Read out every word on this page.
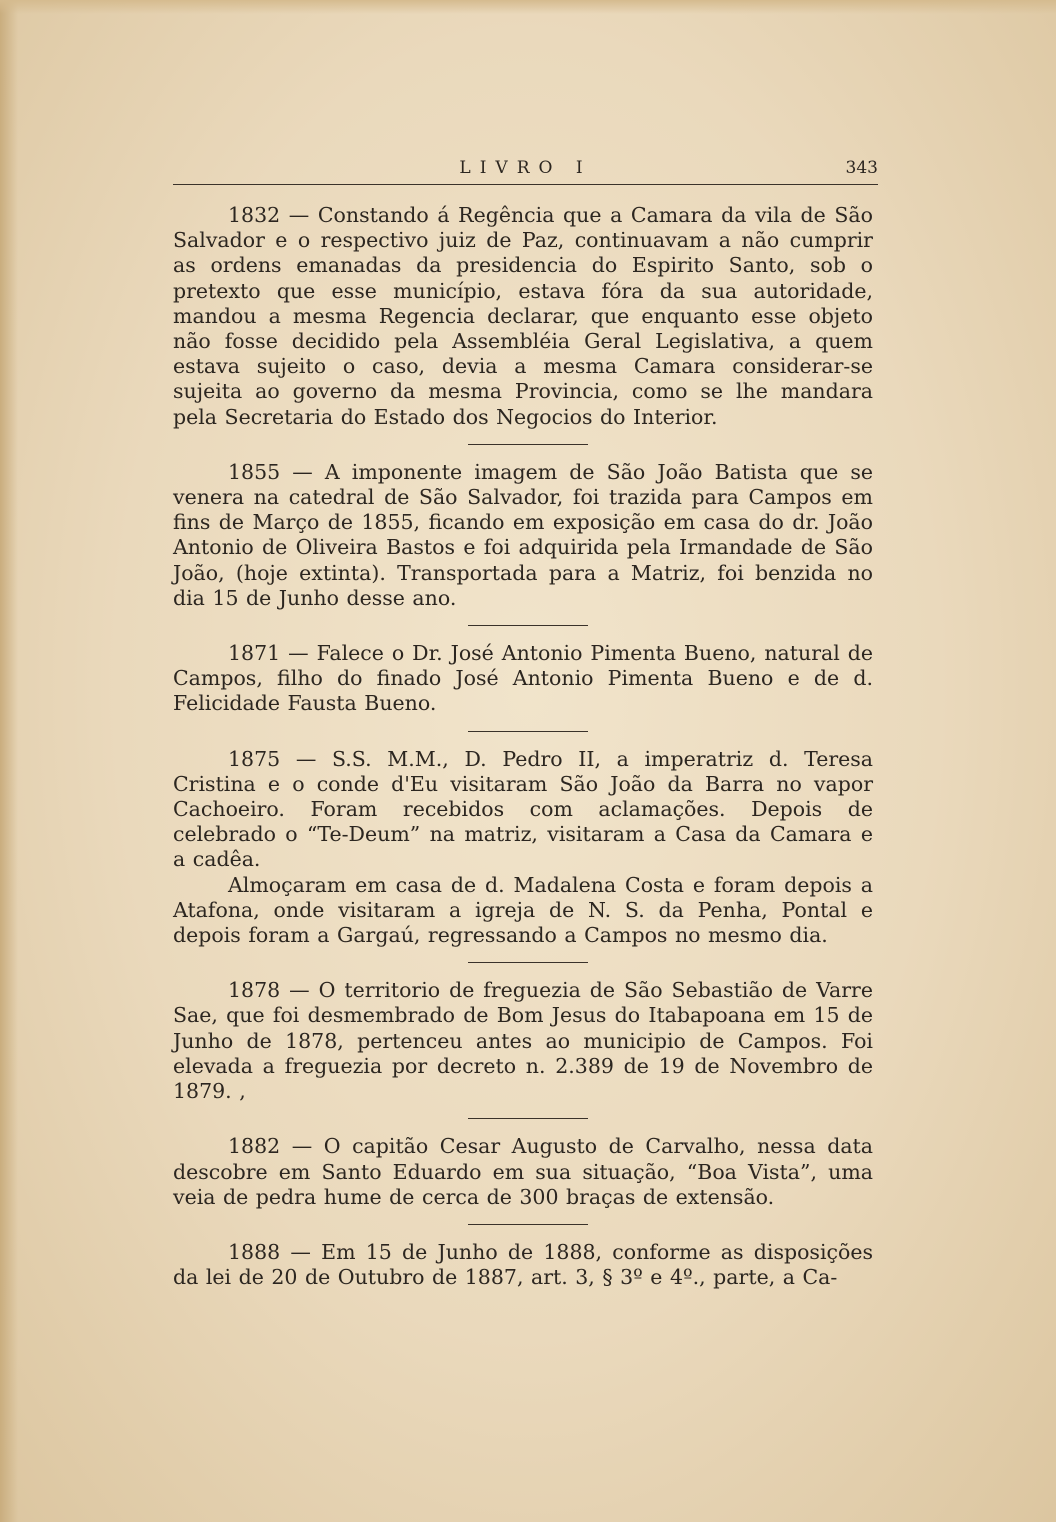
LIVRO I	343

1832 — Constando á Regência que a Camara da vila de São Salvador e o respectivo juiz de Paz, continuavam a não cumprir as ordens emanadas da presidencia do Espirito Santo, sob o pretexto que esse município, estava fóra da sua autoridade, mandou a mesma Regencia declarar, que enquanto esse objeto não fosse decidido pela Assembléia Geral Legislativa, a quem estava sujeito o caso, devia a mesma Camara considerar-se sujeita ao governo da mesma Provincia, como se lhe mandara pela Secretaria do Estado dos Negocios do Interior.

1855 — A imponente imagem de São João Batista que se venera na catedral de São Salvador, foi trazida para Campos em fins de Março de 1855, ficando em exposição em casa do dr. João Antonio de Oliveira Bastos e foi adquirida pela Irmandade de São João, (hoje extinta). Transportada para a Matriz, foi benzida no dia 15 de Junho desse ano.

1871 — Falece o Dr. José Antonio Pimenta Bueno, natural de Campos, filho do finado José Antonio Pimenta Bueno e de d. Felicidade Fausta Bueno.

1875 — S.S. M.M., D. Pedro II, a imperatriz d. Teresa Cristina e o conde d'Eu visitaram São João da Barra no vapor Cachoeiro. Foram recebidos com aclamações. Depois de celebrado o “Te-Deum” na matriz, visitaram a Casa da Camara e a cadêa.

Almoçaram em casa de d. Madalena Costa e foram depois a Atafona, onde visitaram a igreja de N. S. da Penha, Pontal e depois foram a Gargaú, regressando a Campos no mesmo dia.

1878 — O territorio de freguezia de São Sebastião de Varre Sae, que foi desmembrado de Bom Jesus do Itabapoana em 15 de Junho de 1878, pertenceu antes ao municipio de Campos. Foi elevada a freguezia por decreto n. 2.389 de 19 de Novembro de 1879. ,

1882 — O capitão Cesar Augusto de Carvalho, nessa data descobre em Santo Eduardo em sua situação, “Boa Vista”, uma veia de pedra hume de cerca de 300 braças de extensão.

1888 — Em 15 de Junho de 1888, conforme as disposições da lei de 20 de Outubro de 1887, art. 3, § 3º e 4º., parte, a Ca-
